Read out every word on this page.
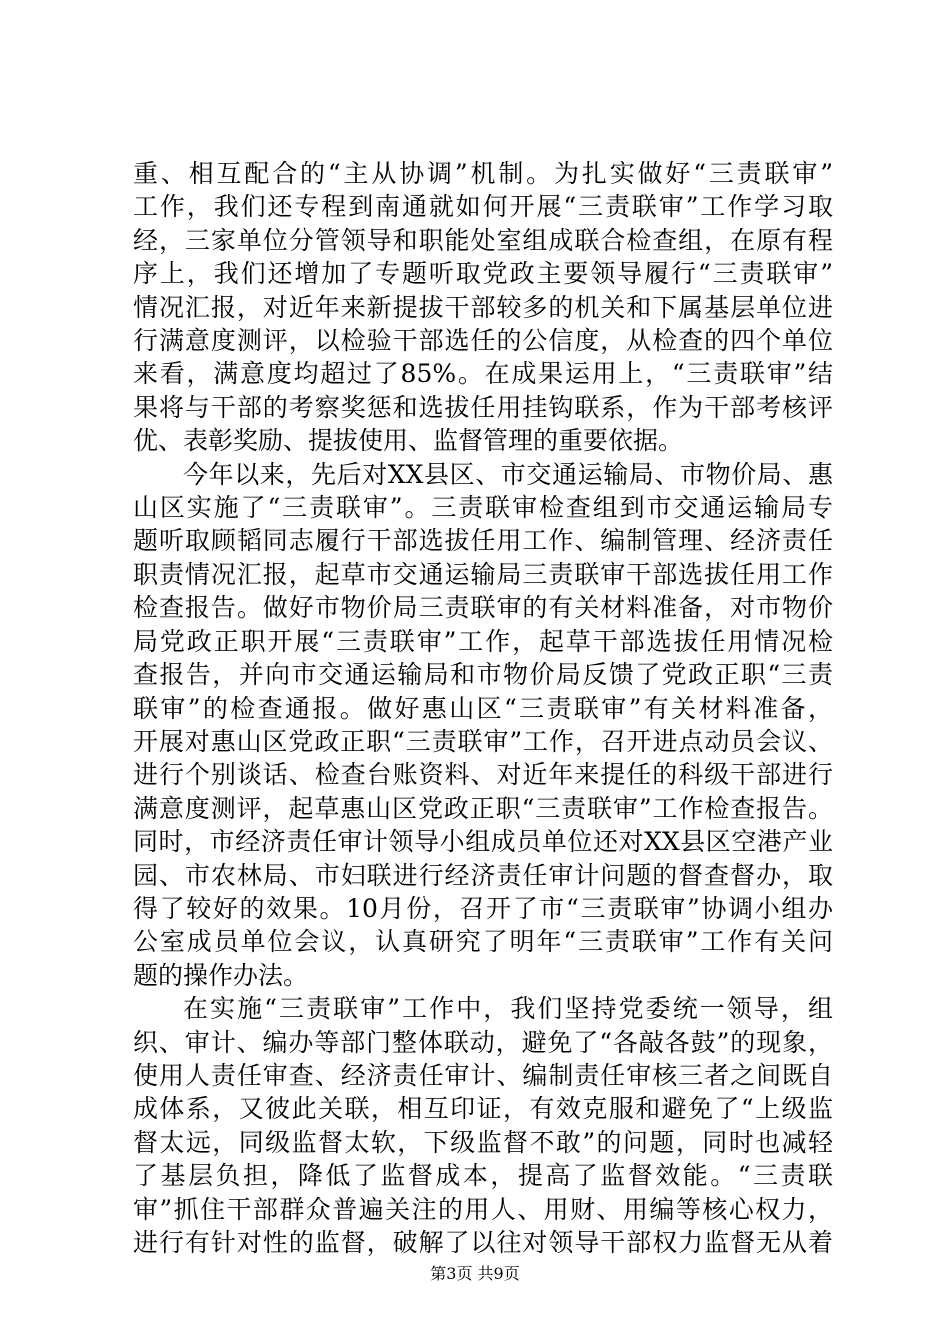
重、相互配合的“主从协调”机制。为扎实做好“三责联审”
工作，我们还专程到南通就如何开展“三责联审”工作学习取
经，三家单位分管领导和职能处室组成联合检查组，在原有程
序上，我们还增加了专题听取党政主要领导履行“三责联审”
情况汇报，对近年来新提拔干部较多的机关和下属基层单位进
行满意度测评，以检验干部选任的公信度，从检查的四个单位
来看，满意度均超过了85%。在成果运用上，“三责联审”结
果将与干部的考察奖惩和选拔任用挂钩联系，作为干部考核评
优、表彰奖励、提拔使用、监督管理的重要依据。
今年以来，先后对XX县区、市交通运输局、市物价局、惠
山区实施了“三责联审”。三责联审检查组到市交通运输局专
题听取顾韬同志履行干部选拔任用工作、编制管理、经济责任
职责情况汇报，起草市交通运输局三责联审干部选拔任用工作
检查报告。做好市物价局三责联审的有关材料准备，对市物价
局党政正职开展“三责联审”工作，起草干部选拔任用情况检
查报告，并向市交通运输局和市物价局反馈了党政正职“三责
联审”的检查通报。做好惠山区“三责联审”有关材料准备，
开展对惠山区党政正职“三责联审”工作，召开进点动员会议、
进行个别谈话、检查台账资料、对近年来提任的科级干部进行
满意度测评，起草惠山区党政正职“三责联审”工作检查报告。
同时，市经济责任审计领导小组成员单位还对XX县区空港产业
园、市农林局、市妇联进行经济责任审计问题的督查督办，取
得了较好的效果。10月份，召开了市“三责联审”协调小组办
公室成员单位会议，认真研究了明年“三责联审”工作有关问
题的操作办法。
在实施“三责联审”工作中，我们坚持党委统一领导，组
织、审计、编办等部门整体联动，避免了“各敲各鼓”的现象，
使用人责任审查、经济责任审计、编制责任审核三者之间既自
成体系，又彼此关联，相互印证，有效克服和避免了“上级监
督太远，同级监督太软，下级监督不敢”的问题，同时也减轻
了基层负担，降低了监督成本，提高了监督效能。“三责联
审”抓住干部群众普遍关注的用人、用财、用编等核心权力，
进行有针对性的监督，破解了以往对领导干部权力监督无从着
第3页 共9页
